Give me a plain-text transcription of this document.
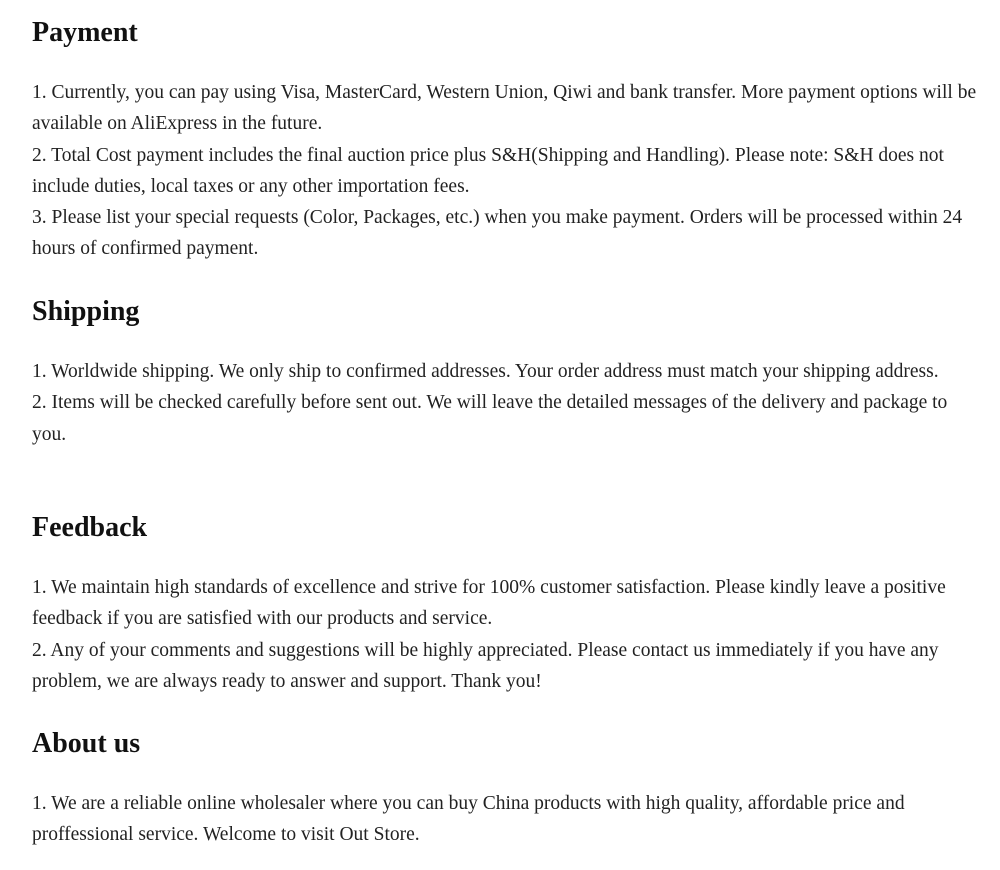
Payment

1. Currently, you can pay using Visa, MasterCard, Western Union, Qiwi and bank transfer. More payment options will be available on AliExpress in the future.

2. Total Cost payment includes the final auction price plus S&H(Shipping and Handling). Please note: S&H does not include duties, local taxes or any other importation fees.

3. Please list your special requests (Color, Packages, etc.) when you make payment. Orders will be processed within 24 hours of confirmed payment.

Shipping

1. Worldwide shipping. We only ship to confirmed addresses. Your order address must match your shipping address.

2. Items will be checked carefully before sent out. We will leave the detailed messages of the delivery and package to you.

Feedback

1. We maintain high standards of excellence and strive for 100% customer satisfaction. Please kindly leave a positive feedback if you are satisfied with our products and service.

2. Any of your comments and suggestions will be highly appreciated. Please contact us immediately if you have any problem, we are always ready to answer and support. Thank you!

About us

1. We are a reliable online wholesaler where you can buy China products with high quality, affordable price and proffessional service. Welcome to visit Out Store.
